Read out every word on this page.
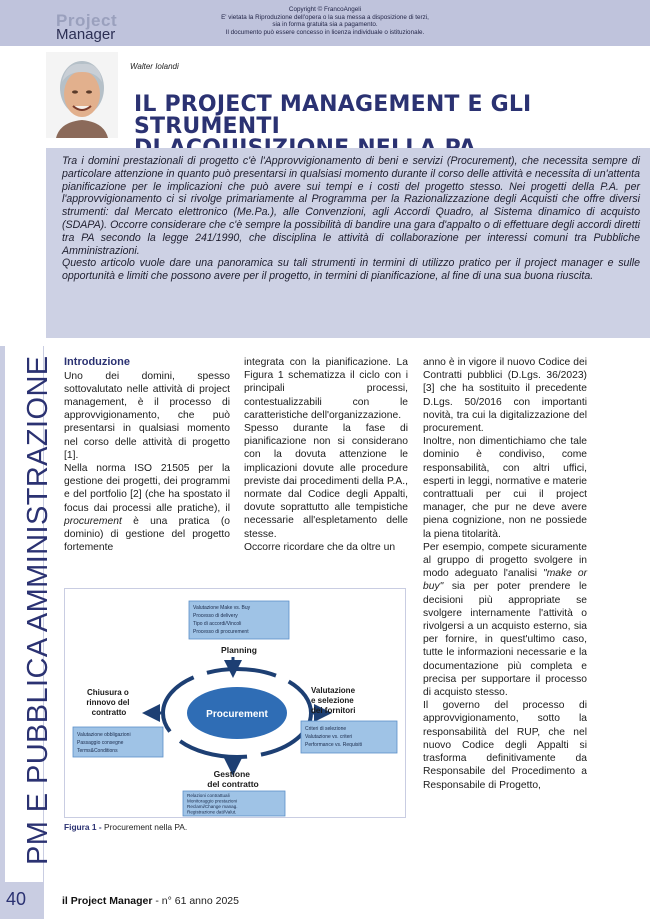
Project
Manager
Copyright © FrancoAngeli
E' vietata la Riproduzione dell'opera o la sua messa a disposizione di terzi,
sia in forma gratuita sia a pagamento.
Il documento può essere concesso in licenza individuale o istituzionale.
Walter Iolandi
IL PROJECT MANAGEMENT E GLI STRUMENTI

Tra i domini prestazionali di progetto c'è l'Approvvigionamento di beni e servizi (Procurement), che necessita sempre di particolare attenzione in quanto può presentarsi in qualsiasi momento durante il corso delle attività e necessita di un'attenta pianificazione per le implicazioni che può avere sui tempi e i costi del progetto stesso. Nei progetti della P.A. per l'approvvigionamento ci si rivolge primariamente al Programma per la Razionalizzazione degli Acquisti che offre diversi strumenti: dal Mercato elettronico (Me.Pa.), alle Convenzioni, agli Accordi Quadro, al Sistema dinamico di acquisto (SDAPA). Occorre considerare che c'è sempre la possibilità di bandire una gara d'appalto o di effettuare degli accordi diretti tra PA secondo la legge 241/1990, che disciplina le attività di collaborazione per interessi comuni tra Pubbliche Amministrazioni.

Questo articolo vuole dare una panoramica su tali strumenti in termini di utilizzo pratico per il project manager e sulle opportunità e limiti che possono avere per il progetto, in termini di pianificazione, al fine di una sua buona riuscita.

PM E PUBBLICA AMMINISTRAZIONE Introduzione

Uno dei domini, spesso sottovalutato nelle attività di project management, è il processo di approvvigionamento, che può presentarsi in qualsiasi momento nel corso delle attività di progetto [1].

Nella norma ISO 21505 per la gestione dei progetti, dei programmi e del portfolio [2] (che ha spostato il focus dai processi alle pratiche), il procurement è una pratica (o dominio) di gestione del progetto fortemente

integrata con la pianificazione. La Figura 1 schematizza il ciclo con i principali processi, contestualizzabili con le caratteristiche dell'organizzazione.

Spesso durante la fase di pianificazione non si considerano con la dovuta attenzione le implicazioni dovute alle procedure previste dai procedimenti della P.A., normate dal Codice degli Appalti, dovute soprattutto alle tempistiche necessarie all'espletamento delle stesse.

Occorre ricordare che da oltre un

anno è in vigore il nuovo Codice dei Contratti pubblici (D.Lgs. 36/2023) [3] che ha sostituito il precedente D.Lgs. 50/2016 con importanti novità, tra cui la digitalizzazione del procurement.

Inoltre, non dimentichiamo che tale dominio è condiviso, come responsabilità, con altri uffici, esperti in leggi, normative e materie contrattuali per cui il project manager, che pur ne deve avere piena cognizione, non ne possiede la piena titolarità.

Per esempio, compete sicuramente al gruppo di progetto svolgere in modo adeguato l'analisi "make or buy" sia per poter prendere le decisioni più appropriate se svolgere internamente l'attività o rivolgersi a un acquisto esterno, sia per fornire, in quest'ultimo caso, tutte le informazioni necessarie e la documentazione più completa e precisa per supportare il processo di acquisto stesso.

Il governo del processo di approvvigionamento, sotto la responsabilità del RUP, che nel nuovo Codice degli Appalti si trasforma definitivamente da Responsabile del Procedimento a Responsabile di Progetto,

Valutazione Make vs. Buy Processo di delivery Tipo di accordi/Vincoli Processo di procurement
Planning
Procurement
Valutazione e selezione dei fornitori
Criteri di selezione Valutazione vs. criteri Performance vs. Requisiti
Chiusura o rinnovo del contratto
Valutazione obbligazioni Passaggio consegne Terms&Conditions
Gestione del contratto
Relazioni contrattuali Monitoraggio prestazioni Reclami/Change manag. Registrazione dati/Valut.
Figura 1 - Procurement nella PA.
40	il Project Manager - n° 61 anno 2025
